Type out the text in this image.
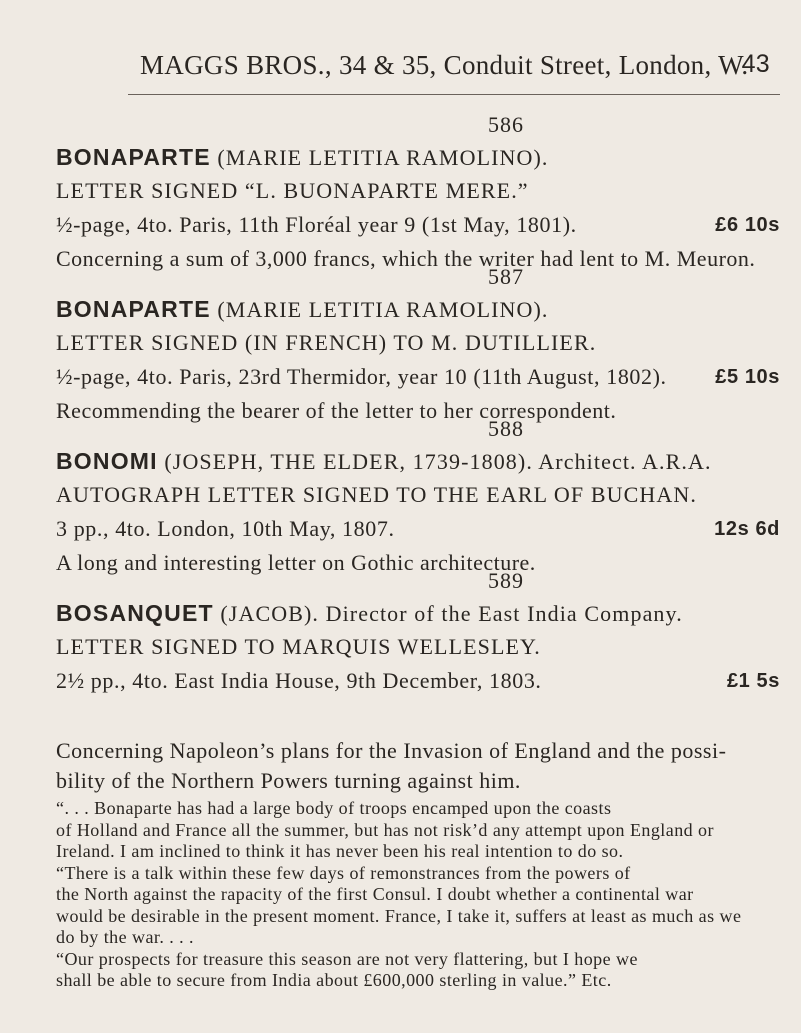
MAGGS BROS., 34 & 35, Conduit Street, London, W.
43
586
BONAPARTE (MARIE LETITIA RAMOLINO).
LETTER SIGNED “L. BUONAPARTE MERE.”
½-page, 4to. Paris, 11th Floréal year 9 (1st May, 1801).	£6 10s
Concerning a sum of 3,000 francs, which the writer had lent to M. Meuron.
587
BONAPARTE (MARIE LETITIA RAMOLINO).
LETTER SIGNED (IN FRENCH) TO M. DUTILLIER.
½-page, 4to. Paris, 23rd Thermidor, year 10 (11th August, 1802). £5 10s
Recommending the bearer of the letter to her correspondent.
588
BONOMI (JOSEPH, THE ELDER, 1739-1808). Architect. A.R.A.
AUTOGRAPH LETTER SIGNED TO THE EARL OF BUCHAN.
3 pp., 4to. London, 10th May, 1807.	12s 6d
A long and interesting letter on Gothic architecture.
589
BOSANQUET (JACOB). Director of the East India Company.
LETTER SIGNED TO MARQUIS WELLESLEY.
2½ pp., 4to. East India House, 9th December, 1803.	£1 5s
Concerning Napoleon’s plans for the Invasion of England and the possi-
bility of the Northern Powers turning against him.
“. . . Bonaparte has had a large body of troops encamped upon the coasts
of Holland and France all the summer, but has not risk’d any attempt upon England or
Ireland. I am inclined to think it has never been his real intention to do so.
“There is a talk within these few days of remonstrances from the powers of
the North against the rapacity of the first Consul. I doubt whether a continental war
would be desirable in the present moment. France, I take it, suffers at least as much as we
do by the war. . . .
“Our prospects for treasure this season are not very flattering, but I hope we
shall be able to secure from India about £600,000 sterling in value.” Etc.
